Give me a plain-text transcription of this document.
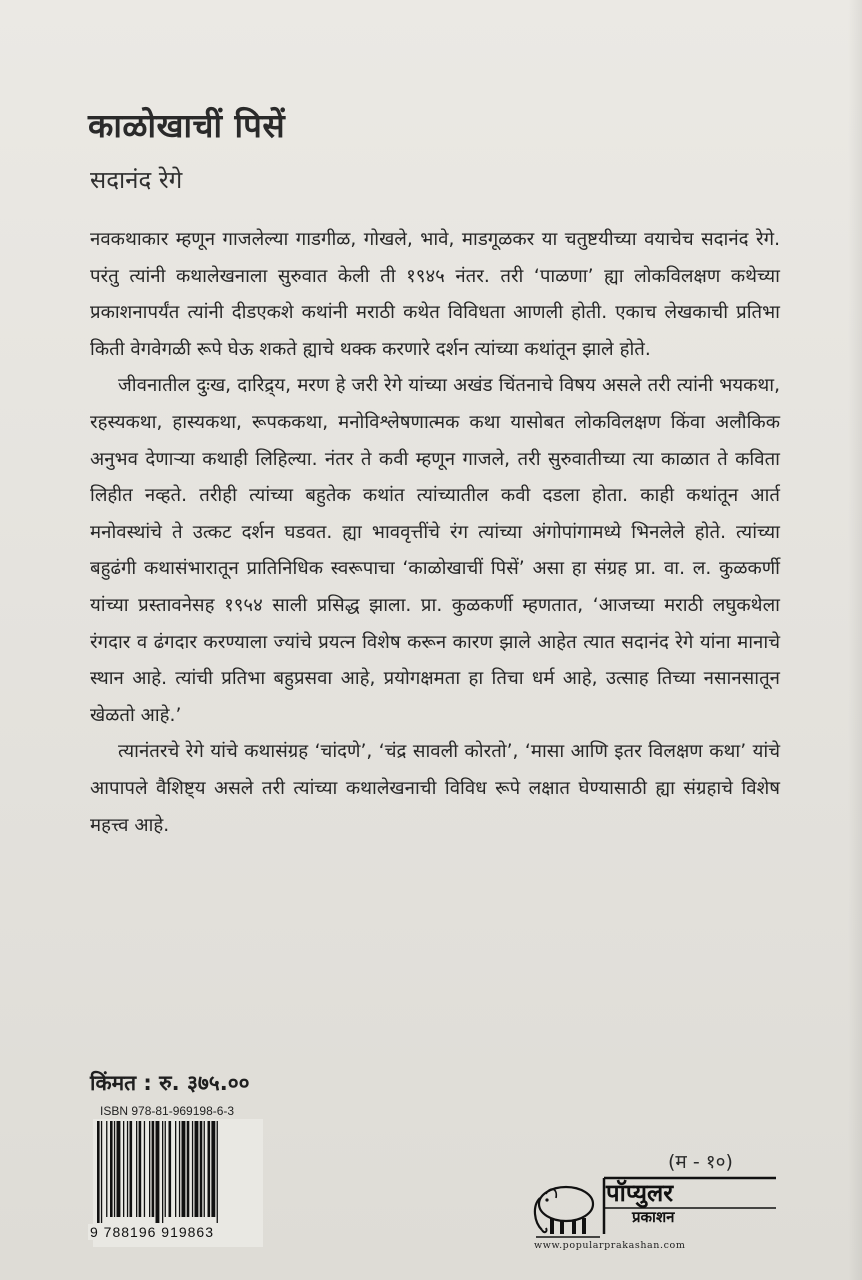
काळोखाचीं पिसें
सदानंद रेगे

नवकथाकार म्हणून गाजलेल्या गाडगीळ, गोखले, भावे, माडगूळकर या चतुष्टयीच्या वयाचेच सदानंद रेगे. परंतु त्यांनी कथालेखनाला सुरुवात केली ती १९४५ नंतर. तरी ‘पाळणा’ ह्या लोकविलक्षण कथेच्या प्रकाशनापर्यंत त्यांनी दीडएकशे कथांनी मराठी कथेत विविधता आणली होती. एकाच लेखकाची प्रतिभा किती वेगवेगळी रूपे घेऊ शकते ह्याचे थक्क करणारे दर्शन त्यांच्या कथांतून झाले होते.

जीवनातील दुःख, दारिद्र्य, मरण हे जरी रेगे यांच्या अखंड चिंतनाचे विषय असले तरी त्यांनी भयकथा, रहस्यकथा, हास्यकथा, रूपककथा, मनोविश्लेषणात्मक कथा यासोबत लोकविलक्षण किंवा अलौकिक अनुभव देणाऱ्या कथाही लिहिल्या. नंतर ते कवी म्हणून गाजले, तरी सुरुवातीच्या त्या काळात ते कविता लिहीत नव्हते. तरीही त्यांच्या बहुतेक कथांत त्यांच्यातील कवी दडला होता. काही कथांतून आर्त मनोवस्थांचे ते उत्कट दर्शन घडवत. ह्या भाववृत्तींचे रंग त्यांच्या अंगोपांगामध्ये भिनलेले होते. त्यांच्या बहुढंगी कथासंभारातून प्रातिनिधिक स्वरूपाचा ‘काळोखाचीं पिसें’ असा हा संग्रह प्रा. वा. ल. कुळकर्णी यांच्या प्रस्तावनेसह १९५४ साली प्रसिद्ध झाला. प्रा. कुळकर्णी म्हणतात, ‘आजच्या मराठी लघुकथेला रंगदार व ढंगदार करण्याला ज्यांचे प्रयत्न विशेष करून कारण झाले आहेत त्यात सदानंद रेगे यांना मानाचे स्थान आहे. त्यांची प्रतिभा बहुप्रसवा आहे, प्रयोगक्षमता हा तिचा धर्म आहे, उत्साह तिच्या नसानसातून खेळतो आहे.’

त्यानंतरचे रेगे यांचे कथासंग्रह ‘चांदणे’, ‘चंद्र सावली कोरतो’, ‘मासा आणि इतर विलक्षण कथा’ यांचे आपापले वैशिष्ट्य असले तरी त्यांच्या कथालेखनाची विविध रूपे लक्षात घेण्यासाठी ह्या संग्रहाचे विशेष महत्त्व आहे.

किंमत : रु. ३७५.००
ISBN 978-81-969198-6-3
9 788196 919863
(म - १०)
पॉप्युलर
प्रकाशन
www.popularprakashan.com
